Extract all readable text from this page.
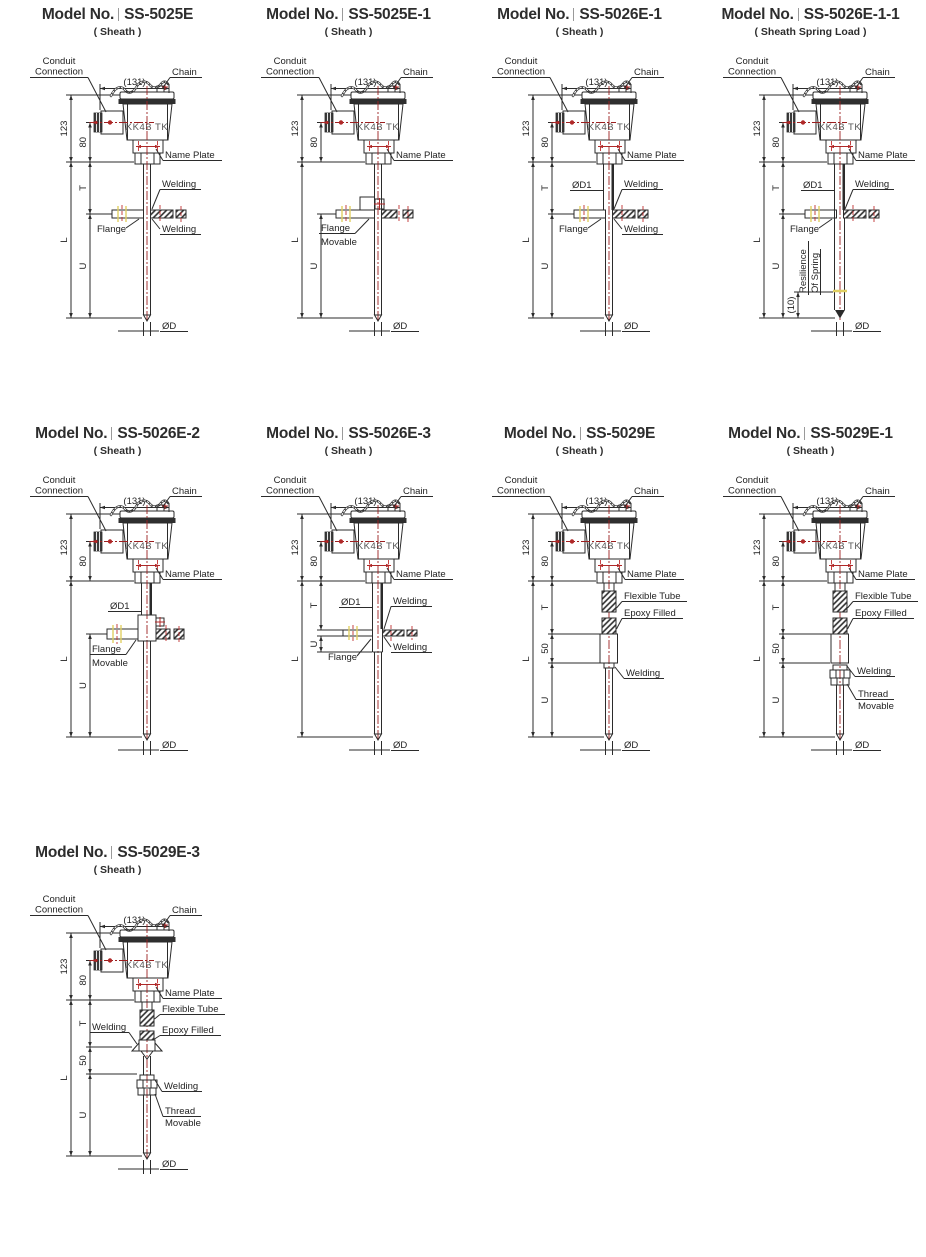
Model No. SS-5025E
( Sheath )
(131)
KK4B TK
123
80
L
Conduit
Connection	Chain
Name Plate
ØD
T
U
Welding
Welding
Flange
Model No. SS-5025E-1
( Sheath )
(131)
KK4B TK
123
80
L
Conduit
Connection	Chain
Name Plate
ØD
U
Flange
Movable
Model No. SS-5026E-1
( Sheath )
(131)
KK4B TK
123
80
L
Conduit
Connection	Chain
Name Plate
ØD
T
U
ØD1	Welding
Welding
Flange
Model No. SS-5026E-1-1
( Sheath Spring Load )
(131)
KK4B TK
123
80
L
Conduit
Connection	Chain
Name Plate
ØD
T
U
ØD1	Welding
Flange
Resilience Of Spring
(10)
Model No. SS-5026E-2
( Sheath )
(131)
KK4B TK
123
80
L
Conduit
Connection	Chain
Name Plate
ØD
U
ØD1
Flange
Movable
Model No. SS-5026E-3
( Sheath )
(131)
KK4B TK
123
80
L
Conduit
Connection	Chain
Name Plate
ØD
T
U
ØD1	Welding
Welding
Flange
Model No. SS-5029E
( Sheath )
(131)
KK4B TK
123
80
L
Conduit
Connection	Chain
Name Plate
ØD
T
50
U
Flexible Tube
Epoxy Filled
Welding
Model No. SS-5029E-1
( Sheath )
(131)
KK4B TK
123
80
L
Conduit
Connection	Chain
Name Plate
ØD
T
50
U
Flexible Tube
Epoxy Filled
Welding
Thread
Movable
Model No. SS-5029E-3
( Sheath )
(131)
KK4B TK
123
80
L
Conduit
Connection	Chain
Name Plate
ØD
T
50
U
Flexible Tube
Epoxy Filled
Welding
Welding
Thread
Movable
